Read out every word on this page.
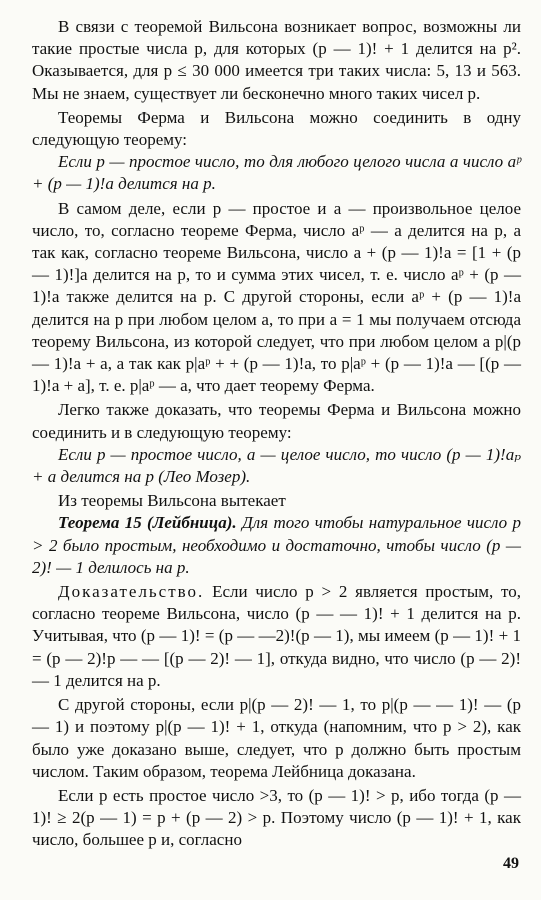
В связи с теоремой Вильсона возникает вопрос, возможны ли такие простые числа p, для которых (p — 1)! + 1 делится на p². Оказывается, для p ≤ 30 000 имеется три таких числа: 5, 13 и 563. Мы не знаем, существует ли бесконечно много таких чисел p.

Теоремы Ферма и Вильсона можно соединить в одну следующую теорему:

Если p — простое число, то для любого целого числа a число aᵖ + (p — 1)!a делится на p.

В самом деле, если p — простое и a — произвольное целое число, то, согласно теореме Ферма, число aᵖ — a делится на p, а так как, согласно теореме Вильсона, число a + (p — 1)!a = [1 + (p — 1)!]a делится на p, то и сумма этих чисел, т. е. число aᵖ + (p — 1)!a также делится на p. С другой стороны, если aᵖ + (p — 1)!a делится на p при любом целом a, то при a = 1 мы получаем отсюда теорему Вильсона, из которой следует, что при любом целом a p|(p — 1)!a + a, а так как p|aᵖ + + (p — 1)!a, то p|aᵖ + (p — 1)!a — [(p — 1)!a + a], т. е. p|aᵖ — a, что дает теорему Ферма.

Легко также доказать, что теоремы Ферма и Вильсона можно соединить и в следующую теорему:

Если p — простое число, a — целое число, то число (p — 1)!aₚ + a делится на p (Лео Мозер).

Из теоремы Вильсона вытекает

Теорема 15 (Лейбница). Для того чтобы натуральное число p > 2 было простым, необходимо и достаточно, чтобы число (p — 2)! — 1 делилось на p.

Доказательство. Если число p > 2 является простым, то, согласно теореме Вильсона, число (p — — 1)! + 1 делится на p. Учитывая, что (p — 1)! = (p — —2)!(p — 1), мы имеем (p — 1)! + 1 = (p — 2)!p — — [(p — 2)! — 1], откуда видно, что число (p — 2)! — 1 делится на p.

С другой стороны, если p|(p — 2)! — 1, то p|(p — — 1)! — (p — 1) и поэтому p|(p — 1)! + 1, откуда (напомним, что p > 2), как было уже доказано выше, следует, что p должно быть простым числом. Таким образом, теорема Лейбница доказана.

Если p есть простое число >3, то (p — 1)! > p, ибо тогда (p — 1)! ≥ 2(p — 1) = p + (p — 2) > p. Поэтому число (p — 1)! + 1, как число, большее p и, согласно

49
